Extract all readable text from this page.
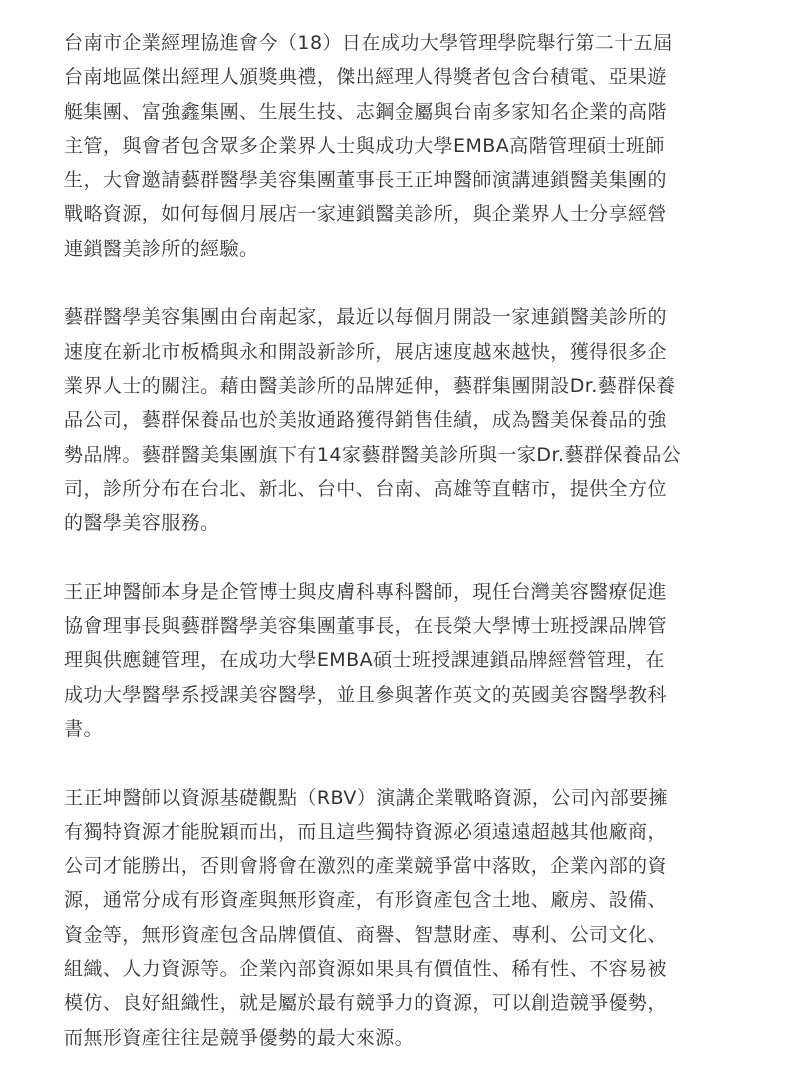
台南市企業經理協進會今（18）日在成功大學管理學院舉行第二十五屆
台南地區傑出經理人頒獎典禮，傑出經理人得獎者包含台積電、亞果遊
艇集團、富強鑫集團、生展生技、志鋼金屬與台南多家知名企業的高階
主管，與會者包含眾多企業界人士與成功大學EMBA高階管理碩士班師
生，大會邀請藝群醫學美容集團董事長王正坤醫師演講連鎖醫美集團的
戰略資源，如何每個月展店一家連鎖醫美診所，與企業界人士分享經營
連鎖醫美診所的經驗。

藝群醫學美容集團由台南起家，最近以每個月開設一家連鎖醫美診所的
速度在新北市板橋與永和開設新診所，展店速度越來越快，獲得很多企
業界人士的關注。藉由醫美診所的品牌延伸，藝群集團開設Dr.藝群保養
品公司，藝群保養品也於美妝通路獲得銷售佳績，成為醫美保養品的強
勢品牌。藝群醫美集團旗下有14家藝群醫美診所與一家Dr.藝群保養品公
司，診所分布在台北、新北、台中、台南、高雄等直轄市，提供全方位
的醫學美容服務。

王正坤醫師本身是企管博士與皮膚科專科醫師，現任台灣美容醫療促進
協會理事長與藝群醫學美容集團董事長，在長榮大學博士班授課品牌管
理與供應鏈管理，在成功大學EMBA碩士班授課連鎖品牌經營管理，在
成功大學醫學系授課美容醫學，並且參與著作英文的英國美容醫學教科
書。

王正坤醫師以資源基礎觀點（RBV）演講企業戰略資源，公司內部要擁
有獨特資源才能脫穎而出，而且這些獨特資源必須遠遠超越其他廠商，
公司才能勝出，否則會將會在激烈的產業競爭當中落敗，企業內部的資
源，通常分成有形資產與無形資產，有形資產包含土地、廠房、設備、
資金等，無形資產包含品牌價值、商譽、智慧財產、專利、公司文化、
組織、人力資源等。企業內部資源如果具有價值性、稀有性、不容易被
模仿、良好組織性，就是屬於最有競爭力的資源，可以創造競爭優勢，
而無形資產往往是競爭優勢的最大來源。
